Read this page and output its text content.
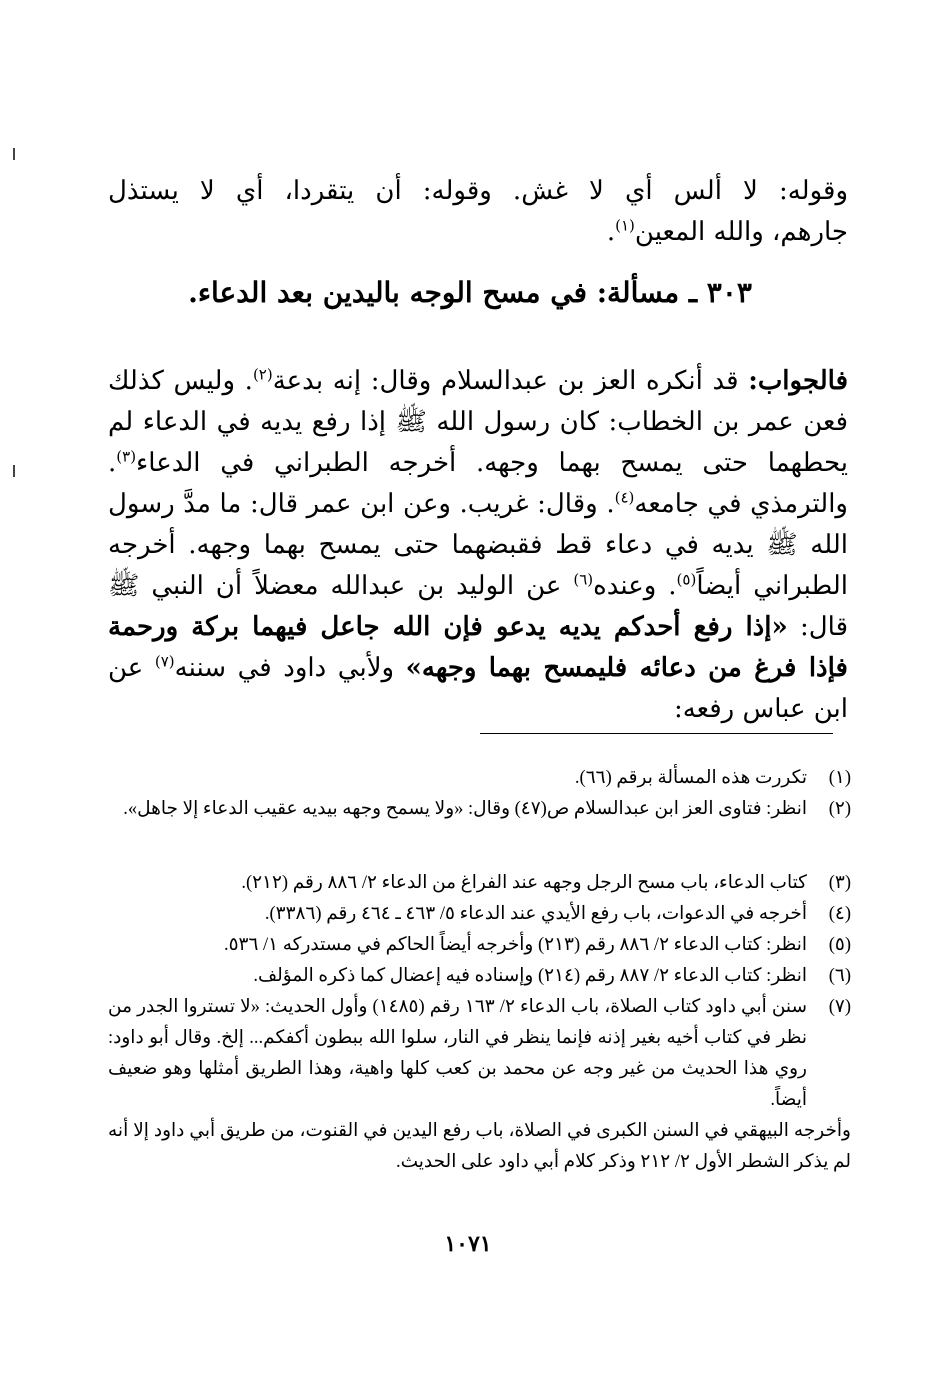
وقوله: لا ألس أي لا غش. وقوله: أن يتقردا، أي لا يستذل

جارهم، والله المعين$^{(١)}$.

٣٠٣ ـ مسألة: في مسح الوجه باليدين بعد الدعاء.

فالجواب: قد أنكره العز بن عبدالسلام وقال: إنه بدعة$^{(٢)}$. وليس كذلك فعن عمر بن الخطاب: كان رسول الله ﷺ إذا رفع يديه في الدعاء لم يحطهما حتى يمسح بهما وجهه. أخرجه الطبراني في الدعاء$^{(٣)}$. والترمذي في جامعه$^{(٤)}$. وقال: غريب. وعن ابن عمر قال: ما مدَّ رسول الله ﷺ يديه في دعاء قط فقبضهما حتى يمسح بهما وجهه. أخرجه الطبراني أيضاً$^{(٥)}$. وعنده$^{(٦)}$ عن الوليد بن عبدالله معضلاً أن النبي ﷺ قال: «إذا رفع أحدكم يديه يدعو فإن الله جاعل فيهما بركة ورحمة فإذا فرغ من دعائه فليمسح بهما وجهه» ولأبي داود في سننه$^{(٧)}$ عن ابن عباس رفعه:

(١)
تكررت هذه المسألة برقم (٦٦).
(٢)
انظر: فتاوى العز ابن عبدالسلام ص(٤٧) وقال: «ولا يسمح وجهه بيديه عقيب الدعاء إلا جاهل».
(٣)
كتاب الدعاء، باب مسح الرجل وجهه عند الفراغ من الدعاء ٢/ ٨٨٦ رقم (٢١٢).
(٤)
أخرجه في الدعوات، باب رفع الأيدي عند الدعاء ٥/ ٤٦٣ ـ ٤٦٤ رقم (٣٣٨٦).
(٥)
انظر: كتاب الدعاء ٢/ ٨٨٦ رقم (٢١٣) وأخرجه أيضاً الحاكم في مستدركه ١/ ٥٣٦.
(٦)
انظر: كتاب الدعاء ٢/ ٨٨٧ رقم (٢١٤) وإسناده فيه إعضال كما ذكره المؤلف.
(٧)
سنن أبي داود كتاب الصلاة، باب الدعاء ٢/ ١٦٣ رقم (١٤٨٥) وأول الحديث: «لا تستروا الجدر من نظر في كتاب أخيه بغير إذنه فإنما ينظر في النار، سلوا الله ببطون أكفكم... إلخ. وقال أبو داود: روي هذا الحديث من غير وجه عن محمد بن كعب كلها واهية، وهذا الطريق أمثلها وهو ضعيف أيضاً.
وأخرجه البيهقي في السنن الكبرى في الصلاة، باب رفع اليدين في القنوت، من طريق أبي داود إلا أنه لم يذكر الشطر الأول ٢/ ٢١٢ وذكر كلام أبي داود على الحديث.
١٠٧١
